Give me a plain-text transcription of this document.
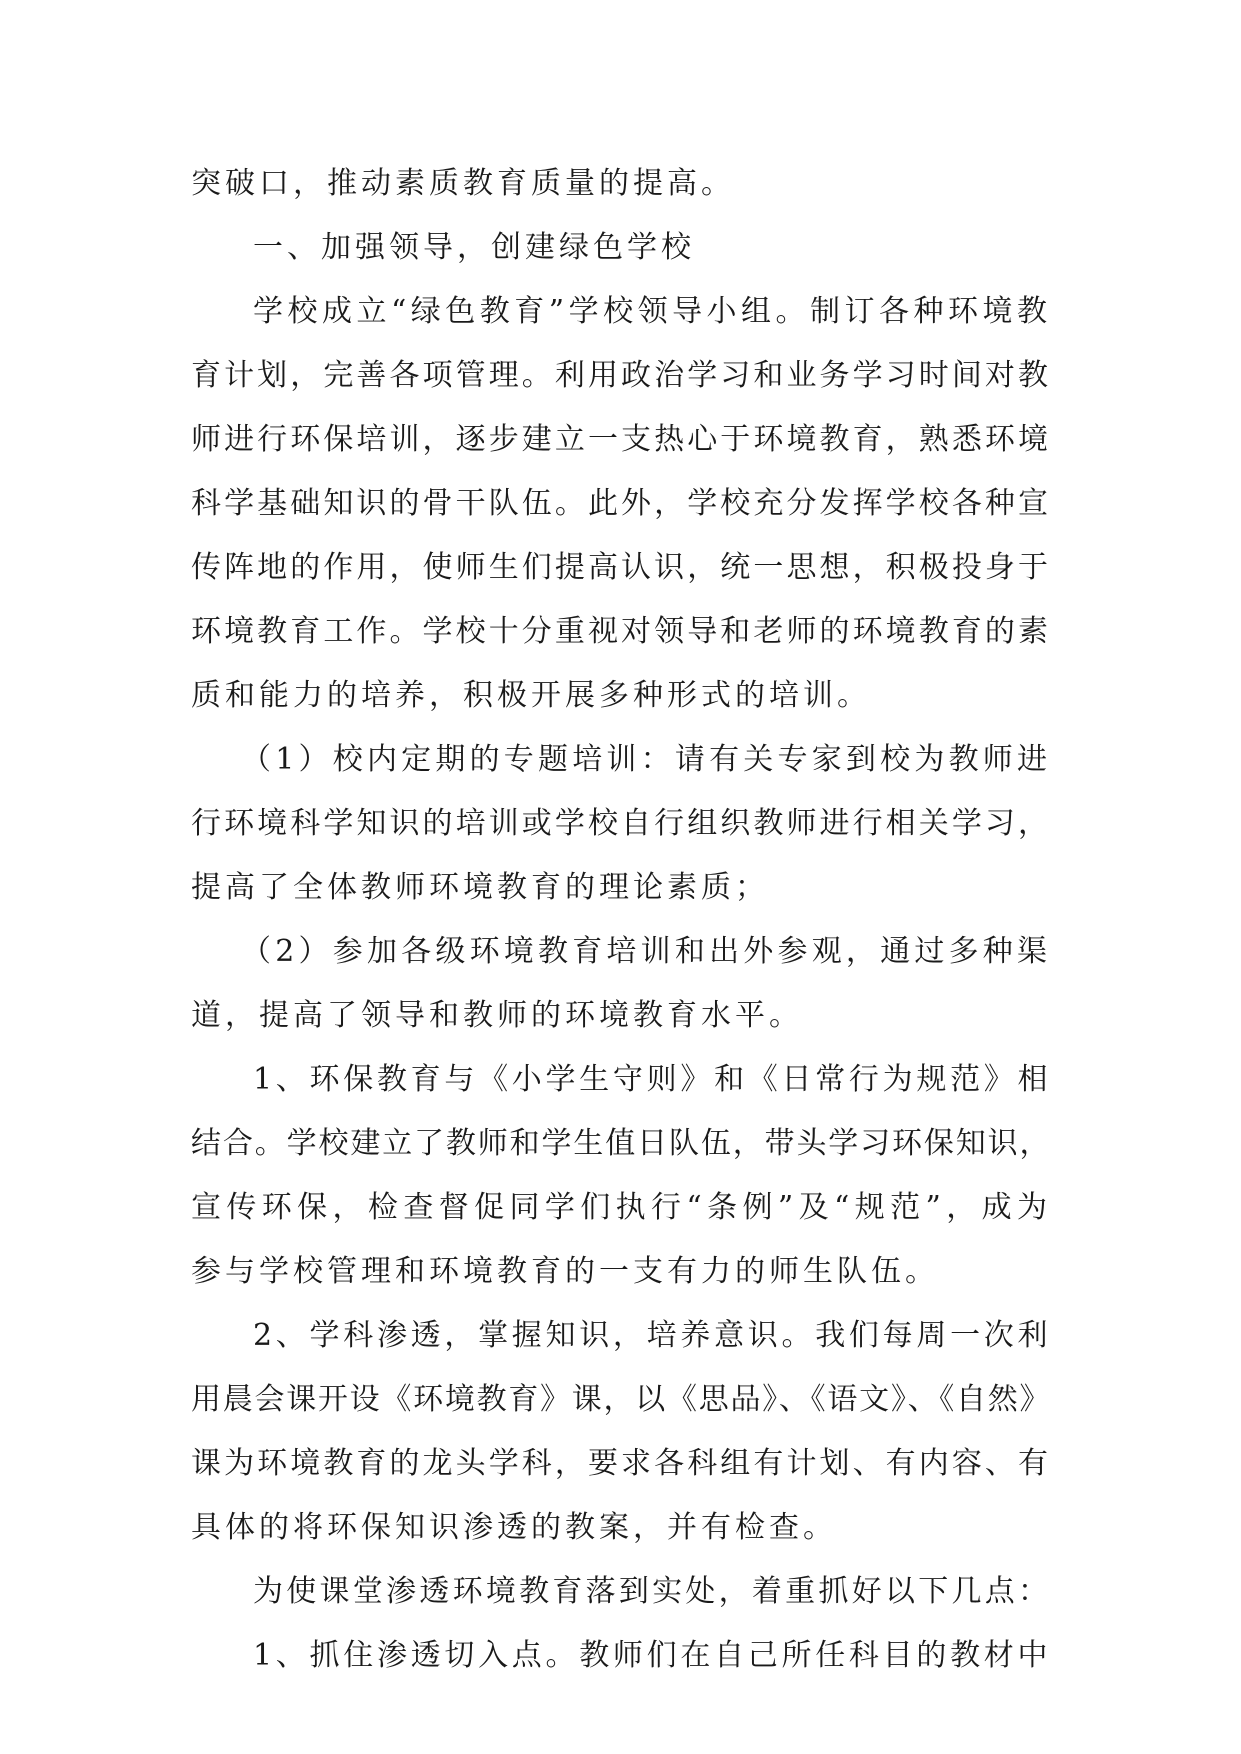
突破口，推动素质教育质量的提高。
一、加强领导，创建绿色学校
学校成立“绿色教育”学校领导小组。制订各种环境教
育计划，完善各项管理。利用政治学习和业务学习时间对教
师进行环保培训，逐步建立一支热心于环境教育，熟悉环境
科学基础知识的骨干队伍。此外，学校充分发挥学校各种宣
传阵地的作用，使师生们提高认识，统一思想，积极投身于
环境教育工作。学校十分重视对领导和老师的环境教育的素
质和能力的培养，积极开展多种形式的培训。
（1）校内定期的专题培训：请有关专家到校为教师进
行环境科学知识的培训或学校自行组织教师进行相关学习，
提高了全体教师环境教育的理论素质；
（2）参加各级环境教育培训和出外参观，通过多种渠
道，提高了领导和教师的环境教育水平。
1、环保教育与《小学生守则》和《日常行为规范》相
结合。学校建立了教师和学生值日队伍，带头学习环保知识，
宣传环保，检查督促同学们执行“条例”及“规范”，成为
参与学校管理和环境教育的一支有力的师生队伍。
2、学科渗透，掌握知识，培养意识。我们每周一次利
用晨会课开设《环境教育》课，以《思品》、《语文》、《自然》
课为环境教育的龙头学科，要求各科组有计划、有内容、有
具体的将环保知识渗透的教案，并有检查。
为使课堂渗透环境教育落到实处，着重抓好以下几点：
1、抓住渗透切入点。教师们在自己所任科目的教材中
